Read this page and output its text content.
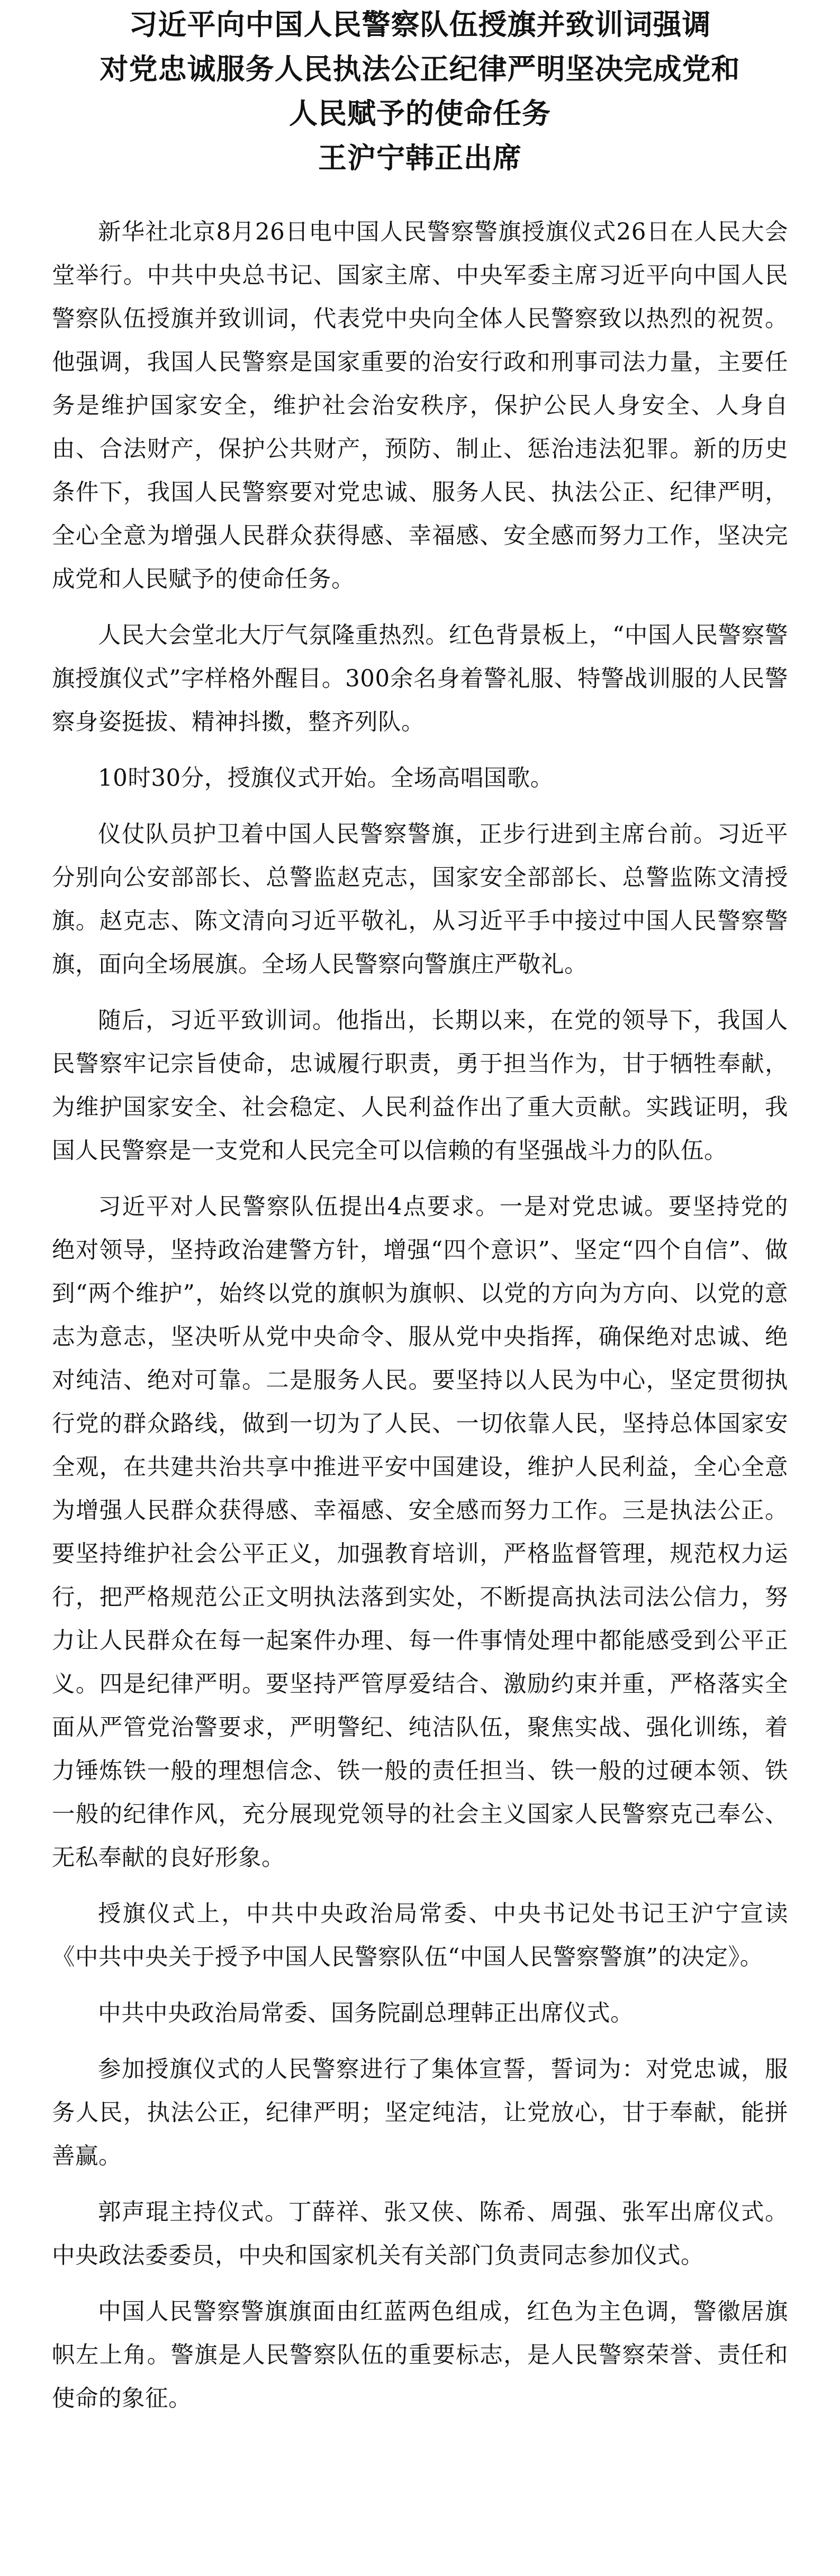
习近平向中国人民警察队伍授旗并致训词强调
对党忠诚服务人民执法公正纪律严明坚决完成党和
人民赋予的使命任务
王沪宁韩正出席

新华社北京8月26日电中国人民警察警旗授旗仪式26日在人民大会堂举行。中共中央总书记、国家主席、中央军委主席习近平向中国人民警察队伍授旗并致训词，代表党中央向全体人民警察致以热烈的祝贺。他强调，我国人民警察是国家重要的治安行政和刑事司法力量，主要任务是维护国家安全，维护社会治安秩序，保护公民人身安全、人身自由、合法财产，保护公共财产，预防、制止、惩治违法犯罪。新的历史条件下，我国人民警察要对党忠诚、服务人民、执法公正、纪律严明，全心全意为增强人民群众获得感、幸福感、安全感而努力工作，坚决完成党和人民赋予的使命任务。

人民大会堂北大厅气氛隆重热烈。红色背景板上，“中国人民警察警旗授旗仪式”字样格外醒目。300余名身着警礼服、特警战训服的人民警察身姿挺拔、精神抖擞，整齐列队。

10时30分，授旗仪式开始。全场高唱国歌。

仪仗队员护卫着中国人民警察警旗，正步行进到主席台前。习近平分别向公安部部长、总警监赵克志，国家安全部部长、总警监陈文清授旗。赵克志、陈文清向习近平敬礼，从习近平手中接过中国人民警察警旗，面向全场展旗。全场人民警察向警旗庄严敬礼。

随后，习近平致训词。他指出，长期以来，在党的领导下，我国人民警察牢记宗旨使命，忠诚履行职责，勇于担当作为，甘于牺牲奉献，为维护国家安全、社会稳定、人民利益作出了重大贡献。实践证明，我国人民警察是一支党和人民完全可以信赖的有坚强战斗力的队伍。

习近平对人民警察队伍提出4点要求。一是对党忠诚。要坚持党的绝对领导，坚持政治建警方针，增强“四个意识”、坚定“四个自信”、做到“两个维护”，始终以党的旗帜为旗帜、以党的方向为方向、以党的意志为意志，坚决听从党中央命令、服从党中央指挥，确保绝对忠诚、绝对纯洁、绝对可靠。二是服务人民。要坚持以人民为中心，坚定贯彻执行党的群众路线，做到一切为了人民、一切依靠人民，坚持总体国家安全观，在共建共治共享中推进平安中国建设，维护人民利益，全心全意为增强人民群众获得感、幸福感、安全感而努力工作。三是执法公正。要坚持维护社会公平正义，加强教育培训，严格监督管理，规范权力运行，把严格规范公正文明执法落到实处，不断提高执法司法公信力，努力让人民群众在每一起案件办理、每一件事情处理中都能感受到公平正义。四是纪律严明。要坚持严管厚爱结合、激励约束并重，严格落实全面从严管党治警要求，严明警纪、纯洁队伍，聚焦实战、强化训练，着力锤炼铁一般的理想信念、铁一般的责任担当、铁一般的过硬本领、铁一般的纪律作风，充分展现党领导的社会主义国家人民警察克己奉公、无私奉献的良好形象。

授旗仪式上，中共中央政治局常委、中央书记处书记王沪宁宣读《中共中央关于授予中国人民警察队伍“中国人民警察警旗”的决定》。

中共中央政治局常委、国务院副总理韩正出席仪式。

参加授旗仪式的人民警察进行了集体宣誓，誓词为：对党忠诚，服务人民，执法公正，纪律严明；坚定纯洁，让党放心，甘于奉献，能拼善赢。

郭声琨主持仪式。丁薛祥、张又侠、陈希、周强、张军出席仪式。中央政法委委员，中央和国家机关有关部门负责同志参加仪式。

中国人民警察警旗旗面由红蓝两色组成，红色为主色调，警徽居旗帜左上角。警旗是人民警察队伍的重要标志，是人民警察荣誉、责任和使命的象征。
